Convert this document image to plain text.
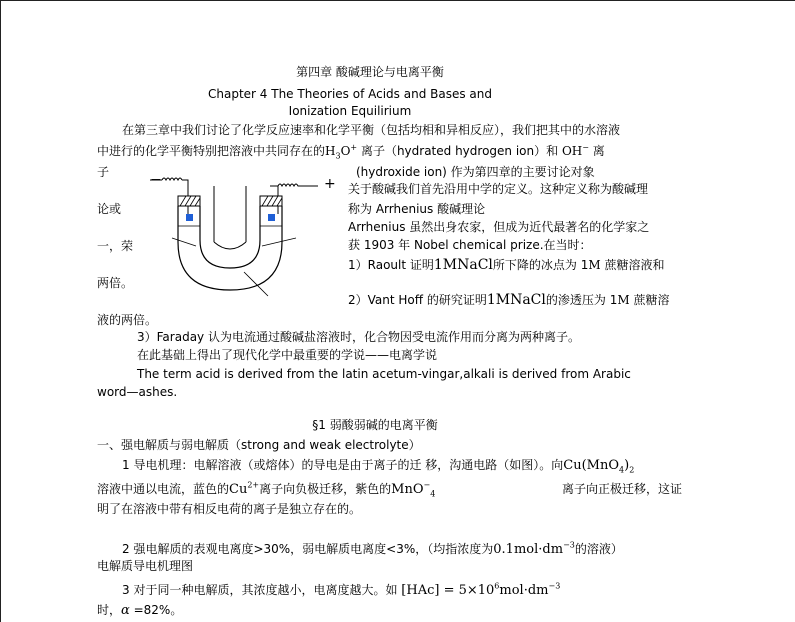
第四章 酸碱理论与电离平衡
Chapter 4 The Theories of Acids and Bases and
Ionization Equilirium
在第三章中我们讨论了化学反应速率和化学平衡（包括均相和异相反应），我们把其中的水溶液
中进行的化学平衡特别把溶液中共同存在的$H_3O^+$ 离子（hydrated hydrogen ion）和 OH− 离
子	(hydroxide ion) 作为第四章的主要讨论对象
关于酸碱我们首先沿用中学的定义。这种定义称为酸碱理
论或	称为 Arrhenius 酸碱理论
Arrhenius 虽然出身农家，但成为近代最著名的化学家之
一，荣	获 1903 年 Nobel chemical prize.在当时：
1）Raoult 证明1MNaCl所下降的冰点为 1M 蔗糖溶液和
两倍。
2）Vant Hoff 的研究证明1MNaCl的渗透压为 1M 蔗糖溶
液的两倍。
−	+
3）Faraday 认为电流通过酸碱盐溶液时，化合物因受电流作用而分离为两种离子。
在此基础上得出了现代化学中最重要的学说——电离学说
The term acid is derived from the latin acetum-vingar,alkali is derived from Arabic
word—ashes.
§1 弱酸弱碱的电离平衡
一、强电解质与弱电解质（strong and weak electrolyte）
1 导电机理：电解溶液（或熔体）的导电是由于离子的迁 移，沟通电路（如图）。向$Cu(MnO_4)_2$
溶液中通以电流，蓝色的$Cu^{2+}$离子向负极迁移，紫色的MnO−$_4$	离子向正极迁移，这证
明了在溶液中带有相反电荷的离子是独立存在的。
2 强电解质的表观电离度>30%，弱电解质电离度<3%，（均指浓度为$0.1mol\cdot dm^{-3}$的溶液）
电解质导电机理图
3 对于同一种电解质，其浓度越小，电离度越大。如 $[HAc] = 5\times 10^6mol\cdot dm^{-3}$
时，α =82%。
